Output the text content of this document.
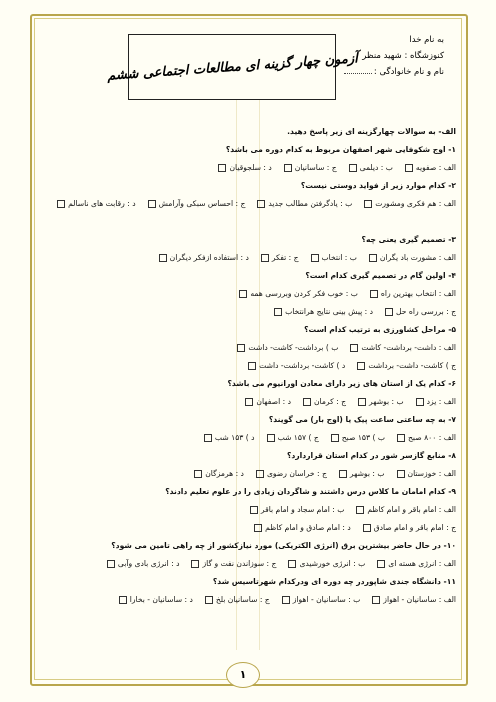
به نام خدا
کنوزشگاه : شهید منظر
نام و نام خانوادگی :
آزمون چهار گزینه ای مطالعات اجتماعی ششم
الف- به سوالات چهارگزینه ای زیر پاسخ دهید.
۱- اوج شکوفایی شهر اصفهان مربوط به کدام دوره می باشد؟
الف : صفویهب : دیلمیج : ساسانیاند : سلجوقیان
۲- کدام موارد زیر از فواید دوستی نیست؟
الف : هم فکری ومشورتب : یادگرفتن مطالب جدیدج : احساس سبکی وآرامشد : رقابت های ناسالم
۳- تصمیم گیری یعنی چه؟
الف : مشورت باد یگرانب : انتخابج : تفکرد : استفاده ازفکر دیگران
۴- اولین گام در تصمیم گیری کدام است؟
الف : انتخاب بهترین راهب : خوب فکر کردن وبررسی همه
ج : بررسی راه حلد : پیش بینی نتایج هرانتخاب
۵- مراحل کشاورزی به ترتیب کدام است؟
الف : داشت- برداشت- کاشتب ) برداشت- کاشت- داشت
ج ) کاشت- داشت- برداشتد ) کاشت- برداشت- داشت
۶- کدام یک از استان های زیر دارای معادن اورانیوم می باشد؟
الف : یزدب : بوشهرج : کرماند : اصفهان
۷- به چه ساعتی ساعت پیک یا (اوج بار) می گویند؟
الف : ۸۰۰ صبحب ) ۱۵۳ صبحج ) ۱۵۷ شبد ) ۱۵۳ شب
۸- منابع گازسر شور در کدام استان قراردارد؟
الف : خوزستانب : بوشهرج : خراسان رضوید : هرمزگان
۹- کدام امامان ما کلاس درس داشتند و شاگردان زیادی را در علوم تعلیم دادند؟
الف : امام باقر و امام کاظمب : امام سجاد و امام باقر
ج : امام باقر و امام صادقد : امام صادق و امام کاظم
۱۰- در حال حاضر بیشترین برق (انرژی الکتریکی) مورد نیازکشور از چه راهی تامین می شود؟
الف : انرژی هسته ایب : انرژی خورشیدیج : سوزاندن نفت و گازد : انرژی بادی وآبی
۱۱- دانشگاه جندی شاپوردر چه دوره ای ودرکدام شهرتاسیس شد؟
الف : ساسانیان - اهوازب : ساسانیان - اهوازج : ساسانیان بلخد : ساسانیان - بخارا
۱
